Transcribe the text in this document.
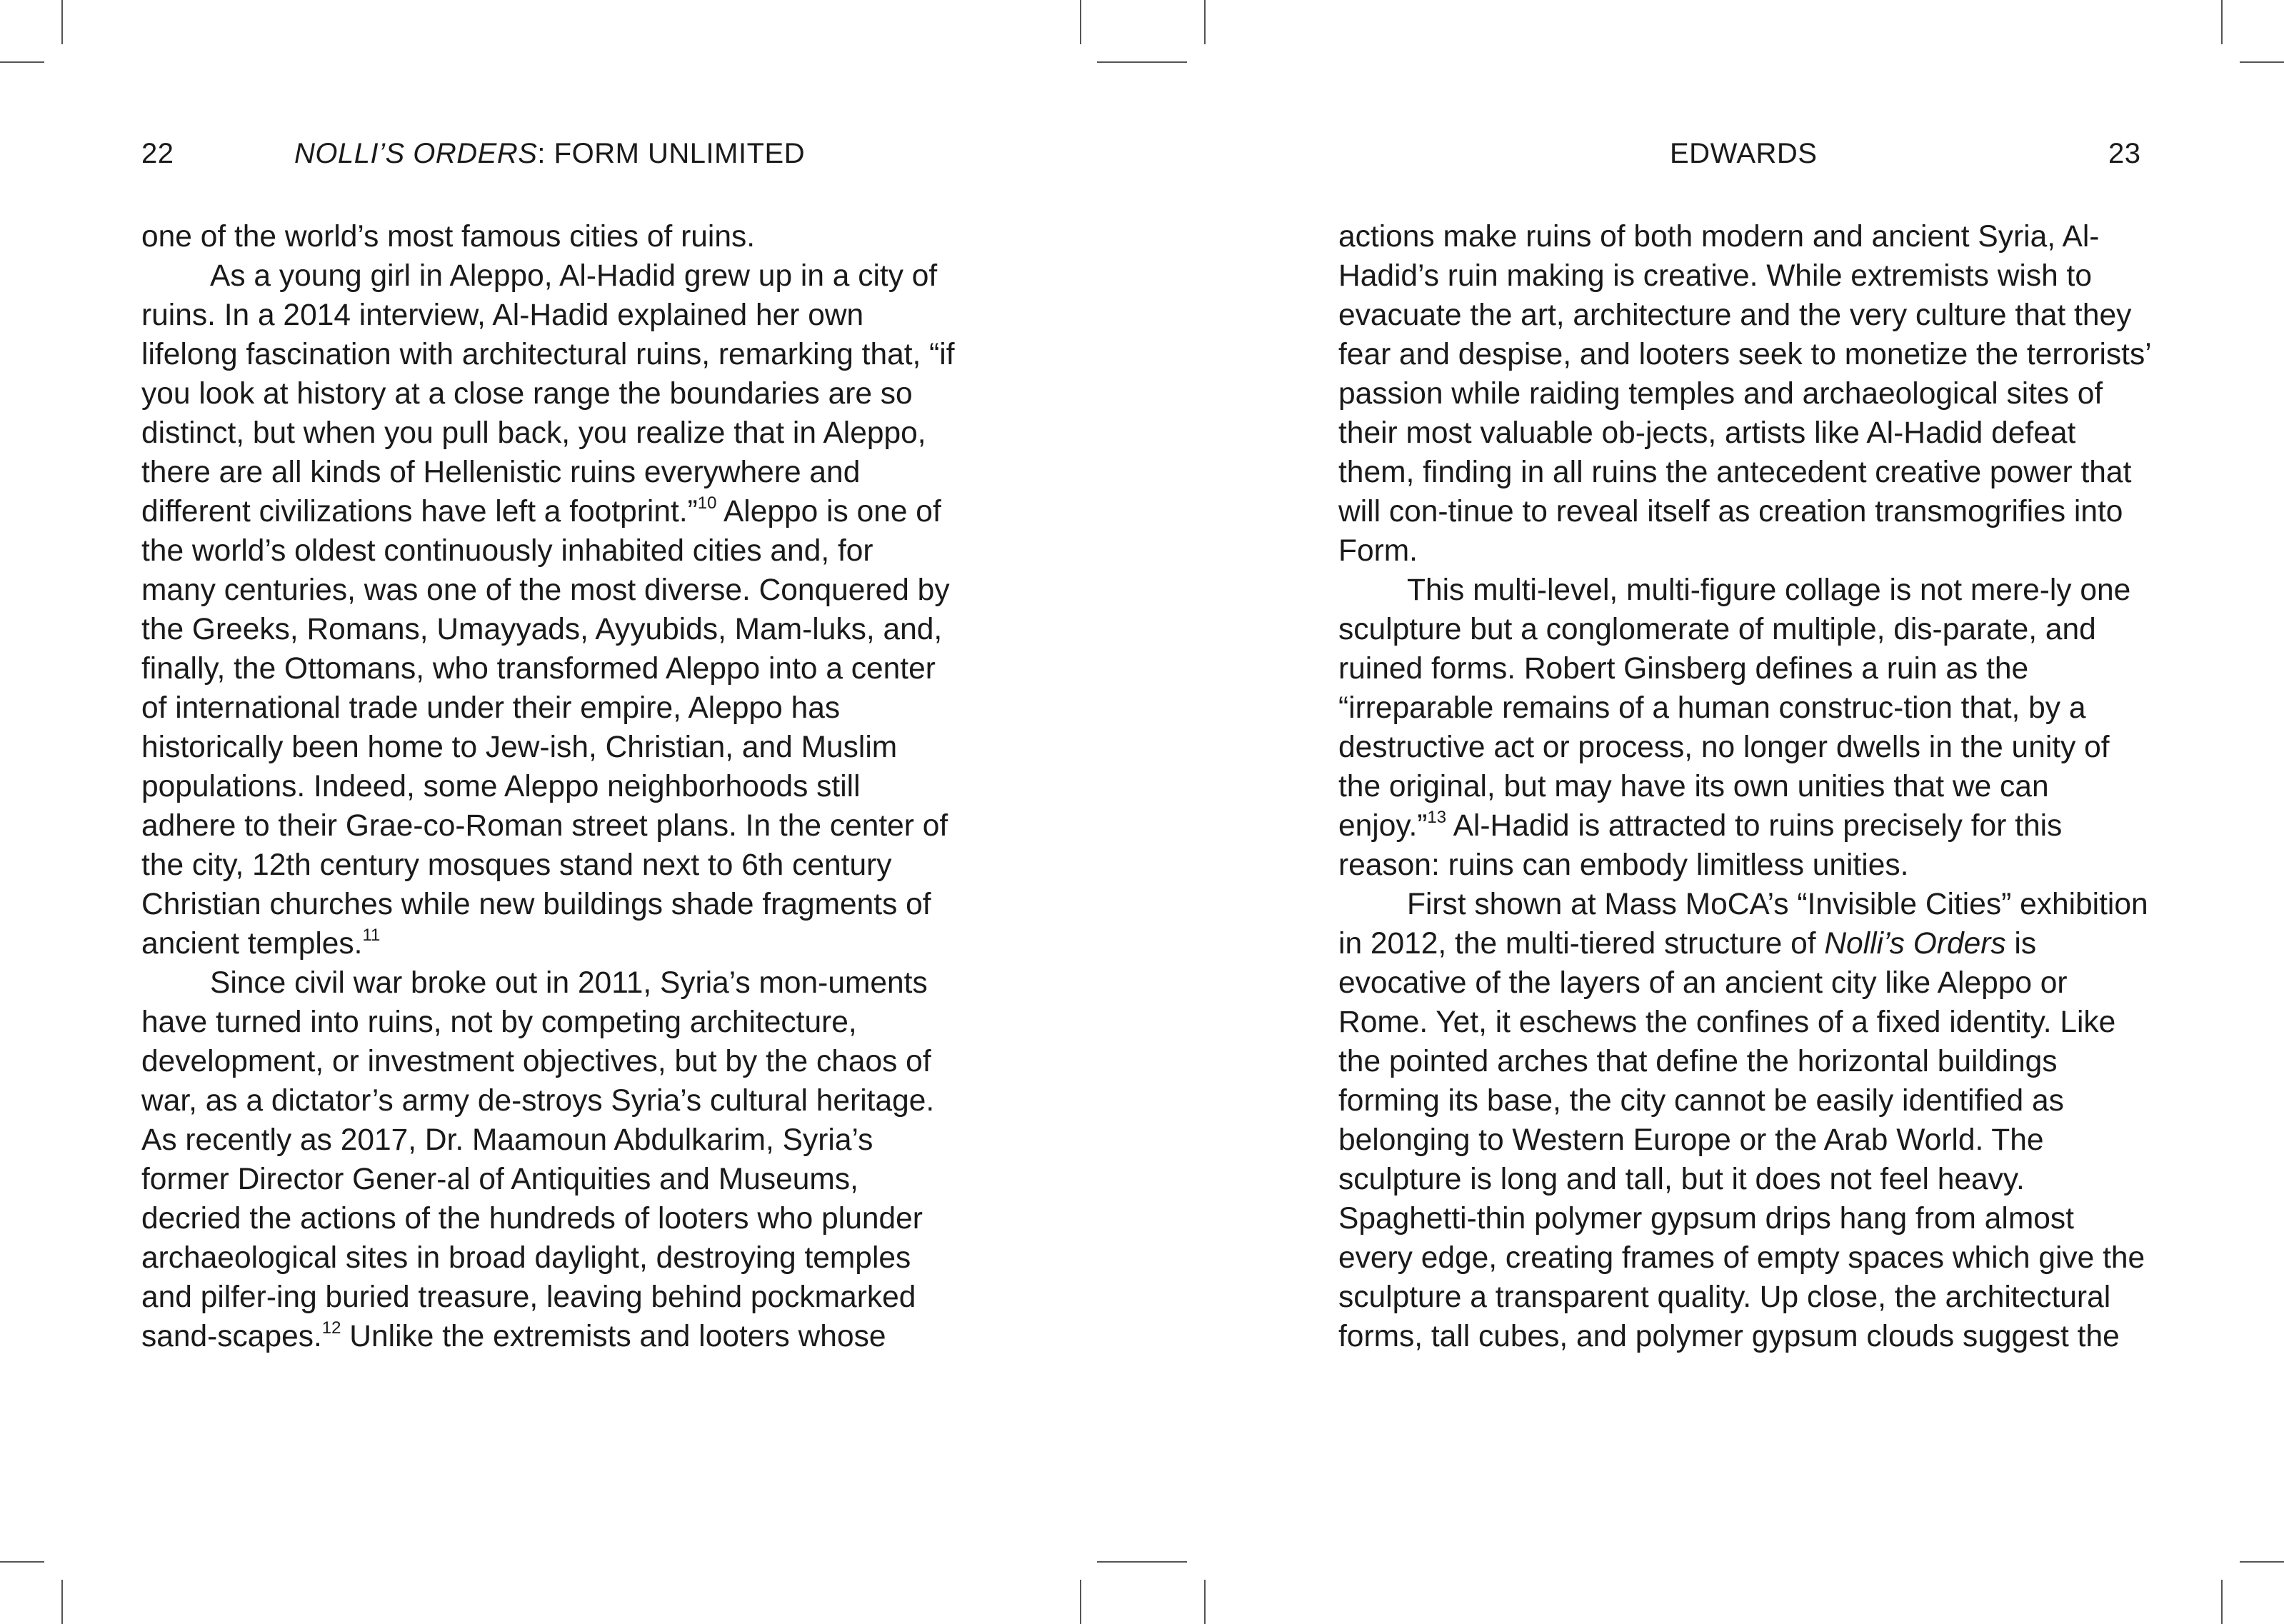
22	NOLLI’S ORDERS: FORM UNLIMITED	EDWARDS	23

one of the world’s most famous cities of ruins.

As a young girl in Aleppo, Al-Hadid grew up in a city of ruins. In a 2014 interview, Al-Hadid explained her own lifelong fascination with architectural ruins, remarking that, “if you look at history at a close range the boundaries are so distinct, but when you pull back, you realize that in Aleppo, there are all kinds of Hellenistic ruins everywhere and different civilizations have left a footprint.”$^{10}$ Aleppo is one of the world’s oldest continuously inhabited cities and, for many centuries, was one of the most diverse. Conquered by the Greeks, Romans, Umayyads, Ayyubids, Mam-luks, and, finally, the Ottomans, who transformed Aleppo into a center of international trade under their empire, Aleppo has historically been home to Jew-ish, Christian, and Muslim populations. Indeed, some Aleppo neighborhoods still adhere to their Grae-co-Roman street plans. In the center of the city, 12th century mosques stand next to 6th century Christian churches while new buildings shade fragments of ancient temples.$^{11}$

Since civil war broke out in 2011, Syria’s mon-uments have turned into ruins, not by competing architecture, development, or investment objectives, but by the chaos of war, as a dictator’s army de-stroys Syria’s cultural heritage. As recently as 2017, Dr. Maamoun Abdulkarim, Syria’s former Director Gener-al of Antiquities and Museums, decried the actions of the hundreds of looters who plunder archaeological sites in broad daylight, destroying temples and pilfer-ing buried treasure, leaving behind pockmarked sand-scapes.$^{12}$ Unlike the extremists and looters whose

actions make ruins of both modern and ancient Syria, Al-Hadid’s ruin making is creative. While extremists wish to evacuate the art, architecture and the very culture that they fear and despise, and looters seek to monetize the terrorists’ passion while raiding temples and archaeological sites of their most valuable ob-jects, artists like Al-Hadid defeat them, finding in all ruins the antecedent creative power that will con-tinue to reveal itself as creation transmogrifies into Form.

This multi-level, multi-figure collage is not mere-ly one sculpture but a conglomerate of multiple, dis-parate, and ruined forms. Robert Ginsberg defines a ruin as the “irreparable remains of a human construc-tion that, by a destructive act or process, no longer dwells in the unity of the original, but may have its own unities that we can enjoy.”$^{13}$ Al-Hadid is attracted to ruins precisely for this reason: ruins can embody limitless unities.

First shown at Mass MoCA’s “Invisible Cities” exhibition in 2012, the multi-tiered structure of Nolli’s Orders is evocative of the layers of an ancient city like Aleppo or Rome. Yet, it eschews the confines of a fixed identity. Like the pointed arches that define the horizontal buildings forming its base, the city cannot be easily identified as belonging to Western Europe or the Arab World. The sculpture is long and tall, but it does not feel heavy. Spaghetti-thin polymer gypsum drips hang from almost every edge, creating frames of empty spaces which give the sculpture a transparent quality. Up close, the architectural forms, tall cubes, and polymer gypsum clouds suggest the
